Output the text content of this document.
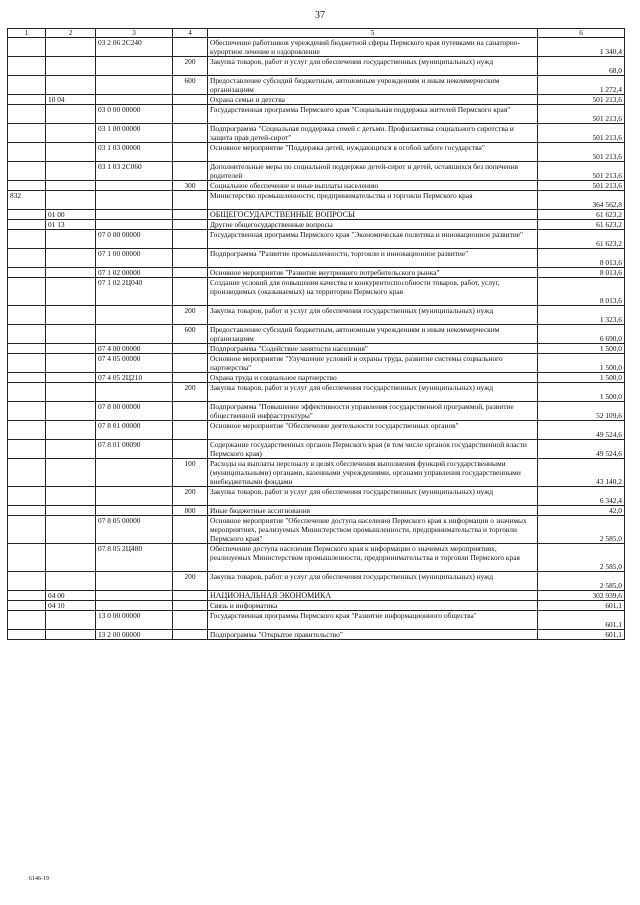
37
1	2	3	4	5	6
		03 2 06 2С240		Обеспечение работников учреждений бюджетной сферы Пермского края путевками на санаторно-курортное лечение и оздоровление	1 340,4
			200	Закупка товаров, работ и услуг для обеспечения государственных (муниципальных) нужд	68,0
			600	Предоставление субсидий бюджетным, автономным учреждениям и иным некоммерческим организациям	1 272,4
	10 04			Охрана семьи и детства	501 213,6
		03 0 00 00000		Государственная программа Пермского края "Социальная поддержка жителей Пермского края"	501 213,6
		03 1 00 00000		Подпрограмма "Социальная поддержка семей с детьми. Профилактика социального сиротства и защита прав детей-сирот"	501 213,6
		03 1 03 00000		Основное мероприятие "Поддержка детей, нуждающихся в особой заботе государства"	501 213,6
		03 1 03 2С060		Дополнительные меры по социальной поддержке детей-сирот и детей, оставшихся без попечения родителей	501 213,6
			300	Социальное обеспечение и иные выплаты населению	501 213,6
832				Министерство промышленности, предпринимательства и торговли Пермского края	364 562,8
	01 00			ОБЩЕГОСУДАРСТВЕННЫЕ ВОПРОСЫ	61 623,2
	01 13			Другие общегосударственные вопросы	61 623,2
		07 0 00 00000		Государственная программа Пермского края "Экономическая политика и инновационное развитие"	61 623,2
		07 1 00 00000		Подпрограмма "Развитие промышленности, торговли и инновационное развитие"	8 013,6
		07 1 02 00000		Основное мероприятие "Развитие внутреннего потребительского рынка"	8 013,6
		07 1 02 2Ц040		Создание условий для повышения качества и конкурентоспособности товаров, работ, услуг, производимых (оказываемых) на территории Пермского края	8 013,6
			200	Закупка товаров, работ и услуг для обеспечения государственных (муниципальных) нужд	1 323,6
			600	Предоставление субсидий бюджетным, автономным учреждениям и иным некоммерческим организациям	6 690,0
		07 4 00 00000		Подпрограмма "Содействие занятости населения"	1 500,0
		07 4 05 00000		Основное мероприятие "Улучшение условий и охраны труда, развитие системы социального партнерства"	1 500,0
		07 4 05 2Ц210		Охрана труда и социальное партнерство	1 500,0
			200	Закупка товаров, работ и услуг для обеспечения государственных (муниципальных) нужд	1 500,0
		07 8 00 00000		Подпрограмма "Повышение эффективности управления государственной программой, развитие общественной инфраструктуры"	52 109,6
		07 8 01 00000		Основное мероприятие "Обеспечение деятельности государственных органов"	49 524,6
		07 8 01 00090		Содержание государственных органов Пермского края (в том числе органов государственной власти Пермского края)	49 524,6
			100	Расходы на выплаты персоналу в целях обеспечения выполнения функций государственными (муниципальными) органами, казенными учреждениями, органами управления государственными внебюджетными фондами	43 140,2
			200	Закупка товаров, работ и услуг для обеспечения государственных (муниципальных) нужд	6 342,4
			800	Иные бюджетные ассигнования	42,0
		07 8 05 00000		Основное мероприятие "Обеспечение доступа населения Пермского края к информации о значимых мероприятиях, реализуемых Министерством промышленности, предпринимательства и торговли Пермского края"	2 585,0
		07 8 05 2Ц480		Обеспечение доступа населения Пермского края к информации о значимых мероприятиях, реализуемых Министерством промышленности, предпринимательства и торговли Пермского края	2 585,0
			200	Закупка товаров, работ и услуг для обеспечения государственных (муниципальных) нужд	2 585,0
	04 00			НАЦИОНАЛЬНАЯ ЭКОНОМИКА	302 939,6
	04 10			Связь и информатика	601,1
		13 0 00 00000		Государственная программа Пермского края "Развитие информационного общества"	601,1
		13 2 00 00000		Подпрограмма "Открытое правительство"	601,1
6146-19
